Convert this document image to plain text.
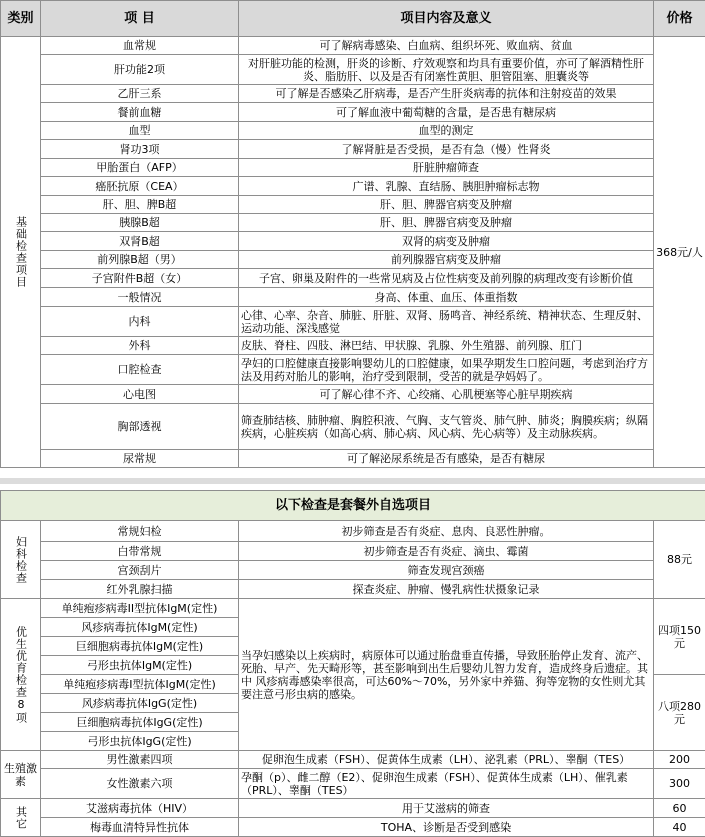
类别	项 目	项目内容及意义	价格
基础检查项目	血常规	可了解病毒感染、白血病、组织坏死、败血病、贫血	368元/人
	肝功能2项	对肝脏功能的检测，肝炎的诊断、疗效观察和均具有重要价值，亦可了解酒精性肝炎、脂肪肝、以及是否有闭塞性黄胆、胆管阻塞、胆囊炎等	
	乙肝三系	可了解是否感染乙肝病毒，是否产生肝炎病毒的抗体和注射疫苗的效果	
	餐前血糖	可了解血液中葡萄糖的含量，是否患有糖尿病	
	血型	血型的测定	
	肾功3项	了解肾脏是否受损，是否有急（慢）性肾炎	
	甲胎蛋白（AFP）	肝脏肿瘤筛查	
	癌胚抗原（CEA）	广谱、乳腺、直结肠、胰胆肿瘤标志物	
	肝、胆、脾B超	肝、胆、脾器官病变及肿瘤	
	胰腺B超	肝、胆、脾器官病变及肿瘤	
	双肾B超	双肾的病变及肿瘤	
	前列腺B超（男）	前列腺器官病变及肿瘤	
	子宫附件B超（女）	子宫、卵巢及附件的一些常见病及占位性病变及前列腺的病理改变有诊断价值	
	一般情况	身高、体重、血压、体重指数	
	内科	心律、心率、杂音、肺脏、肝脏、双肾、肠鸣音、神经系统、精神状态、生理反射、运动功能、深浅感觉	
	外科	皮肤、脊柱、四肢、淋巴结、甲状腺、乳腺、外生殖器、前列腺、肛门	
	口腔检查	孕妇的口腔健康直接影响婴幼儿的口腔健康，如果孕期发生口腔问题，考虑到治疗方法及用药对胎儿的影响，治疗受到限制，受苦的就是孕妈妈了。	
	心电图	可了解心律不齐、心绞痛、心肌梗塞等心脏早期疾病	
	胸部透视	筛查肺结核、肺肿瘤、胸腔积液、气胸、支气管炎、肺气肿、肺炎；胸膜疾病；纵隔疾病，心脏疾病（如高心病、肺心病、风心病、先心病等）及主动脉疾病。	
	尿常规	可了解泌尿系统是否有感染，是否有糖尿	
以下检查是套餐外自选项目			
妇科检查	常规妇检	初步筛查是否有炎症、息肉、良恶性肿瘤。	88元
	白带常规	初步筛查是否有炎症、滴虫、霉菌	
	宫颈刮片	筛查发现宫颈癌	
	红外乳腺扫描	探查炎症、肿瘤、慢乳病性状摄象记录	
优生优育检查8项	单纯疱疹病毒II型抗体IgM(定性)	当孕妇感染以上疾病时，病原体可以通过胎盘垂直传播，导致胚胎停止发育、流产、死胎、早产、先天畸形等，甚至影响到出生后婴幼儿智力发育，造成终身后遗症。其中 风疹病毒感染率很高，可达60%～70%，另外家中养猫、狗等宠物的女性则尤其要注意弓形虫病的感染。	四项150元
	风疹病毒抗体IgM(定性)		
	巨细胞病毒抗体IgM(定性)		
	弓形虫抗体IgM(定性)		
	单纯疱疹病毒I型抗体IgM(定性)		八项280元
	风疹病毒抗体IgG(定性)		
	巨细胞病毒抗体IgG(定性)		
	弓形虫抗体IgG(定性)		
生殖激素	男性激素四项	促卵泡生成素（FSH）、促黄体生成素（LH）、泌乳素（PRL）、睾酮（TES）	200
	女性激素六项	孕酮（p）、雌二醇（E2）、促卵泡生成素（FSH）、促黄体生成素（LH）、催乳素（PRL）、睾酮（TES）	300
其它	艾滋病毒抗体（HIV）	用于艾滋病的筛查	60
	梅毒血清特异性抗体	TOHA、诊断是否受到感染	40
